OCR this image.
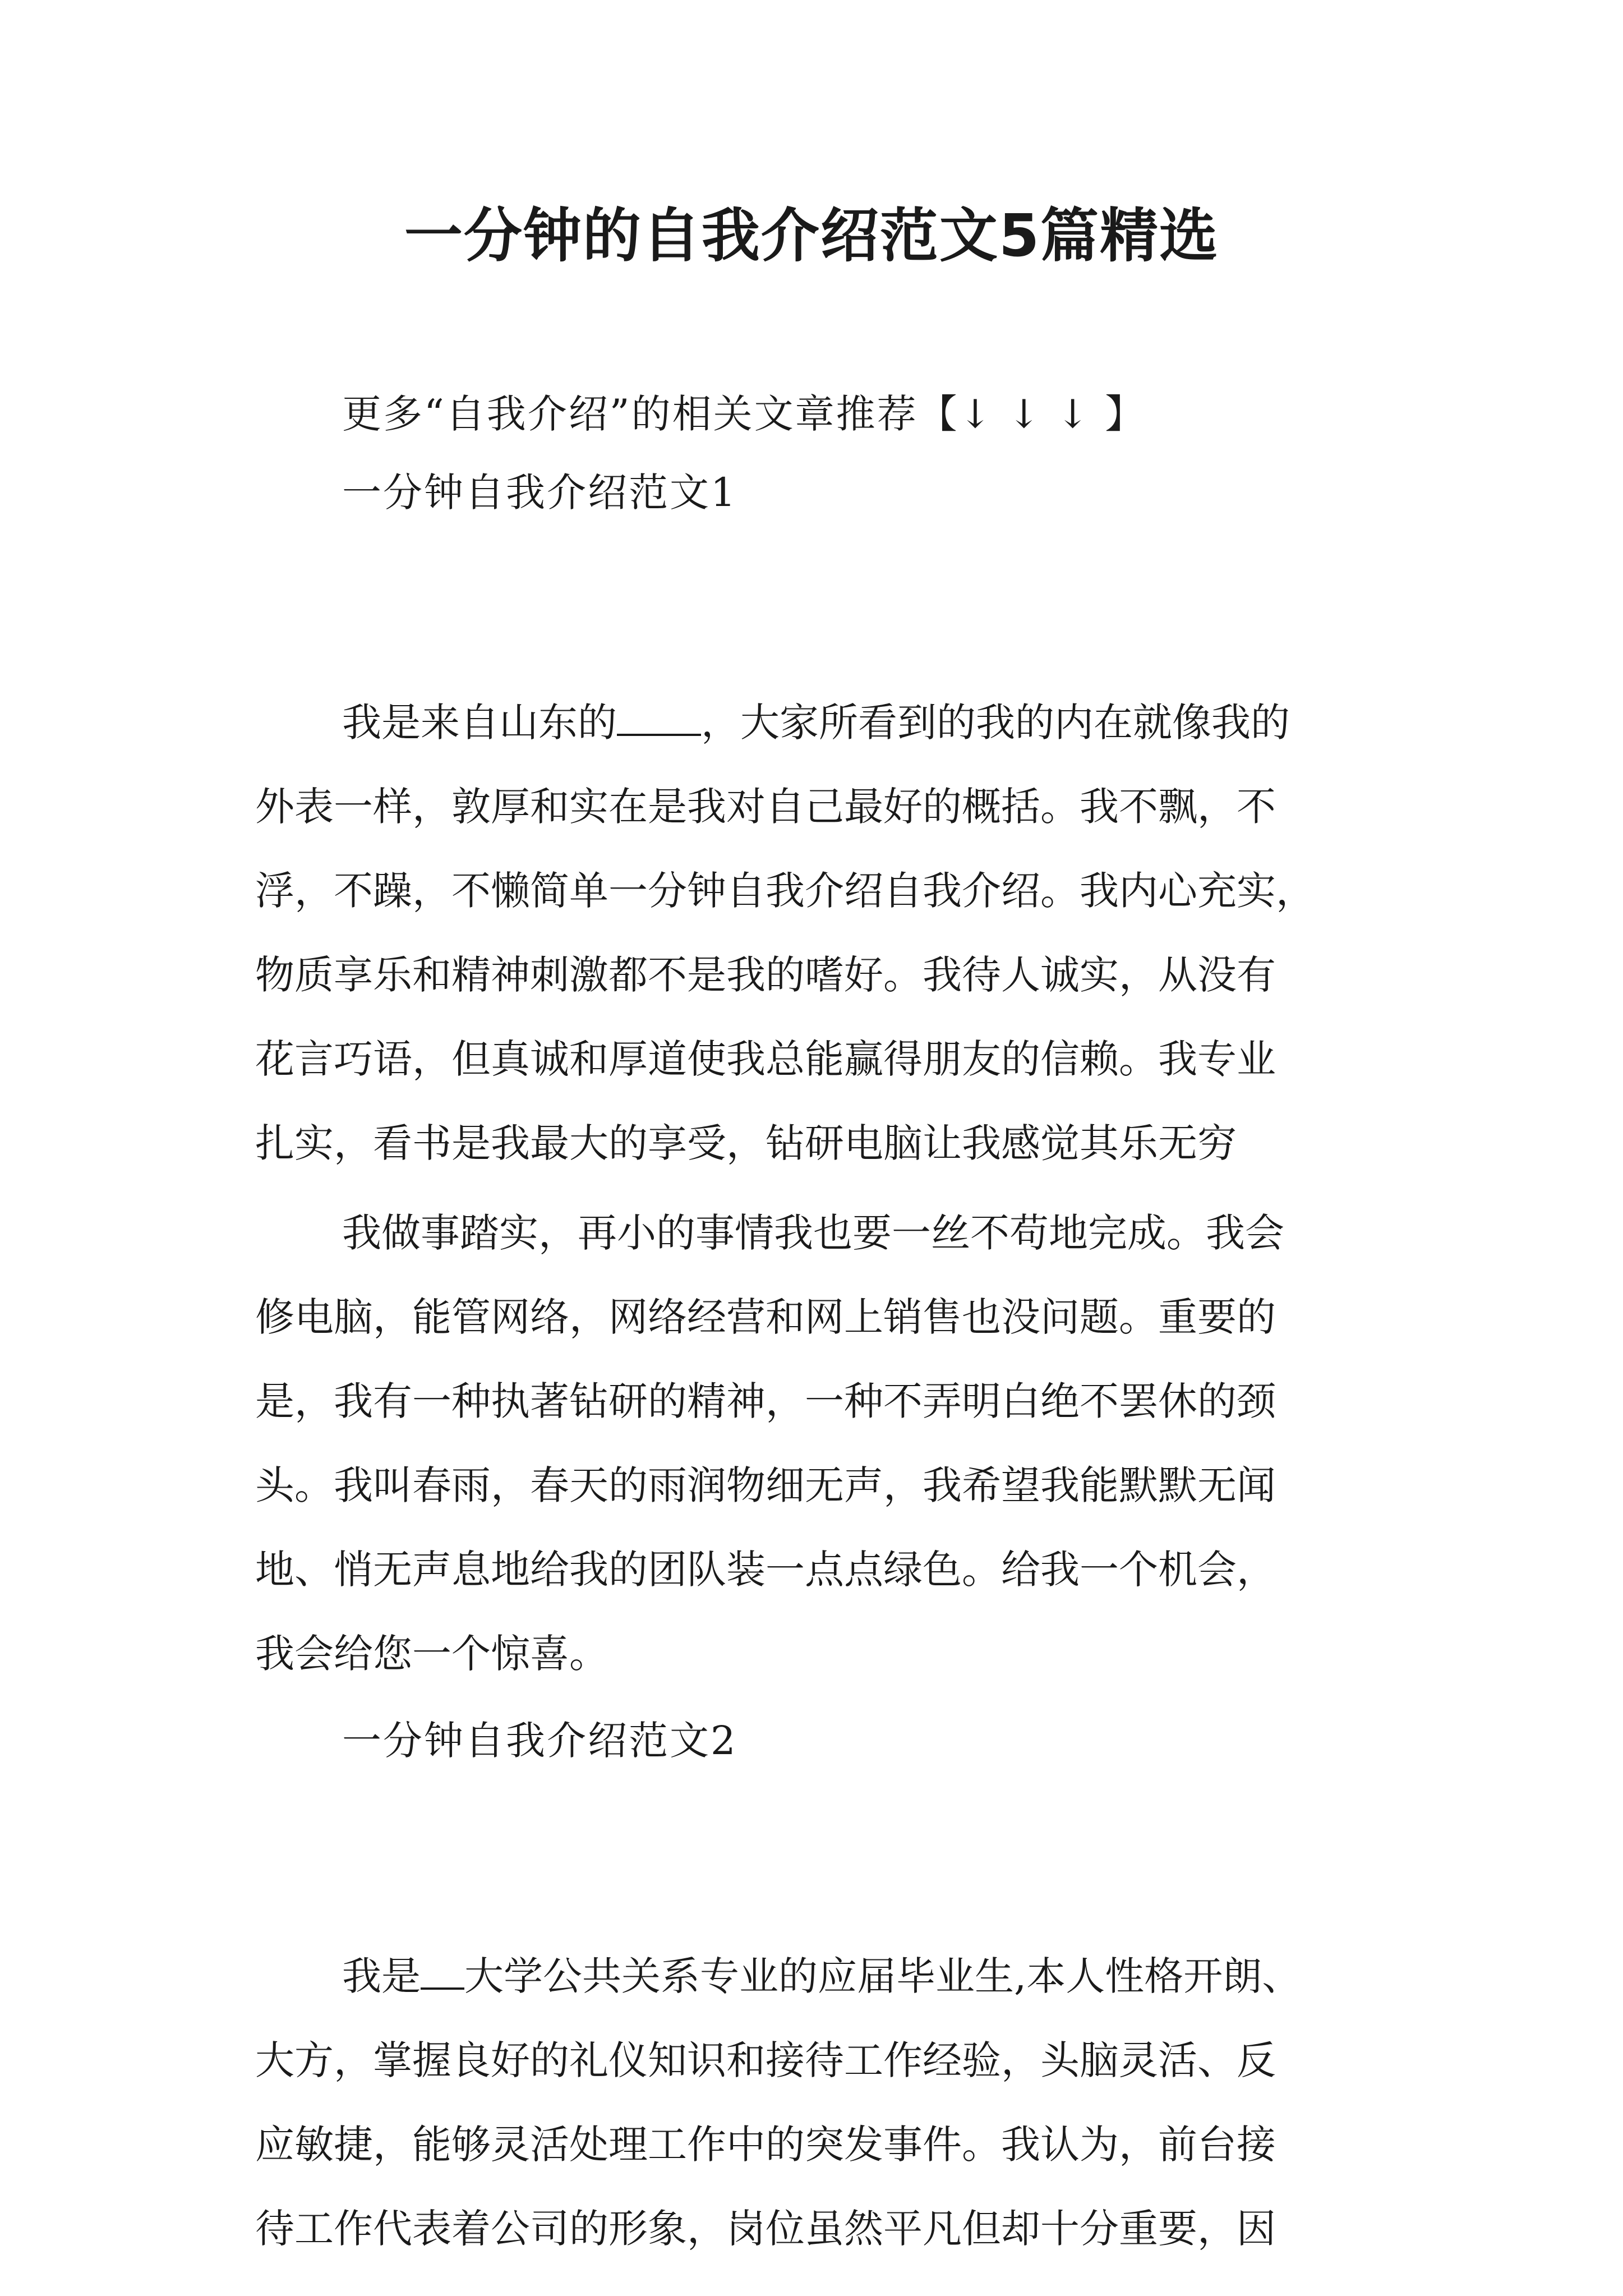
一分钟的自我介绍范文5篇精选

更多“自我介绍”的相关文章推荐【↓ ↓ ↓ 】

一分钟自我介绍范文1

我是来自山东的 ，大家所看到的我的内在就像我的

外表一样，敦厚和实在是我对自己最好的概括。我不飘，不

浮，不躁，不懒简单一分钟自我介绍自我介绍。我内心充实，

物质享乐和精神刺激都不是我的嗜好。我待人诚实，从没有

花言巧语，但真诚和厚道使我总能赢得朋友的信赖。我专业

扎实，看书是我最大的享受，钻研电脑让我感觉其乐无穷

我做事踏实，再小的事情我也要一丝不苟地完成。我会

修电脑，能管网络，网络经营和网上销售也没问题。重要的

是，我有一种执著钻研的精神，一种不弄明白绝不罢休的颈

头。我叫春雨，春天的雨润物细无声，我希望我能默默无闻

地、悄无声息地给我的团队装一点点绿色。给我一个机会，

我会给您一个惊喜。

一分钟自我介绍范文2

我是 大学公共关系专业的应届毕业生,本人性格开朗、

大方，掌握良好的礼仪知识和接待工作经验，头脑灵活、反

应敏捷，能够灵活处理工作中的突发事件。我认为，前台接

待工作代表着公司的形象，岗位虽然平凡但却十分重要，因
